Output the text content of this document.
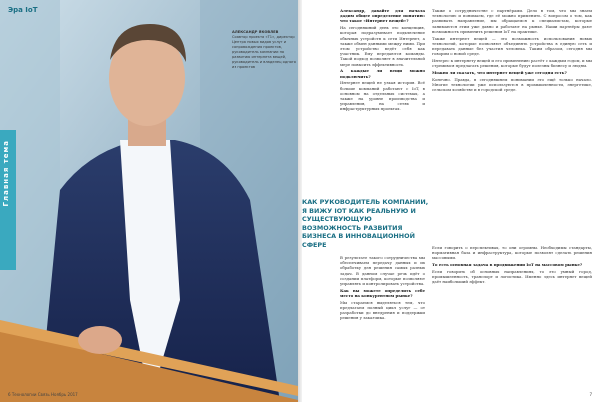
Эра IoT
Главная тема
АЛЕКСАНДР ЯКОВЛЕВ
Соавтор проекта «Т1», директор Центра новых видов услуг и сопровождения проектов, руководитель компании по развитию интернета вещей, руководитель и владелец одного из проектов
6 Технологии Связь Ноябрь 2017	7

Александр, давайте для начала дадим общее определение понятию: что такое «Интернет вещей»?

На сегодняшний день это концепция, которая подразумевает подключение обычных устройств к сети Интернет, а также обмен данными между ними. При этом устройство ведёт себя как участник. Ему передаются команды. Такой подход позволяет в значительной мере повысить эффективность.

А каждые ли вещи можно подключить?

Интернет вещей не узкая история. Всё больше компаний работают с IoT, в основном на отдельных системах, а также на уровне производства и управления, на сетях и инфраструктурных проектах.

КАК РУКОВОДИТЕЛЬ КОМПАНИИ, Я ВИЖУ IOT КАК РЕАЛЬНУЮ И СУЩЕСТВУЮЩУЮ ВОЗМОЖНОСТЬ РАЗВИТИЯ БИЗНЕСА В ИННОВАЦИОННОЙ СФЕРЕ

В результате такого сотрудничества мы обеспечиваем передачу данных и их обработку для решения самых разных задач. В данном случае речь идёт о создании платформ, которые позволяют управлять и контролировать устройства.

Как вы можете определить себе место на конкурентном рынке?

Мы стараемся выделяться тем, что предлагаем полный цикл услуг — от разработки до внедрения и поддержки решения у заказчика.

Также о сотрудничестве с партнёрами. Дело в том, что мы знаем технологию и понимаем, где её можно применить. С вопросом о том, как развивать направление, мы обращаемся к специалистам, которые занимаются этим уже давно и работают на рынке. Наши партнёры дают возможность применить решения IoT на практике.

Также интернет вещей — это возможность использования новых технологий, которые позволяют объединять устройства в единую сеть и передавать данные без участия человека. Таким образом, сегодня мы говорим о новой среде.

Интерес к интернету вещей и его применению растёт с каждым годом, и мы стремимся предлагать решения, которые будут полезны бизнесу и людям.

Можно ли сказать, что интернет вещей уже сегодня есть?

Конечно. Правда, в сегодняшнем понимании это ещё только начало. Многие технологии уже используются в промышленности, энергетике, сельском хозяйстве и в городской среде.

Если говорить о перспективах, то они огромны. Необходимы стандарты, нормативная база и инфраструктура, которые позволят сделать решения массовыми.

То есть основная задача в продвижении IoT на массовом рынке?

Если говорить об основных направлениях, то это умный город, промышленность, транспорт и логистика. Именно здесь интернет вещей даёт наибольший эффект.
